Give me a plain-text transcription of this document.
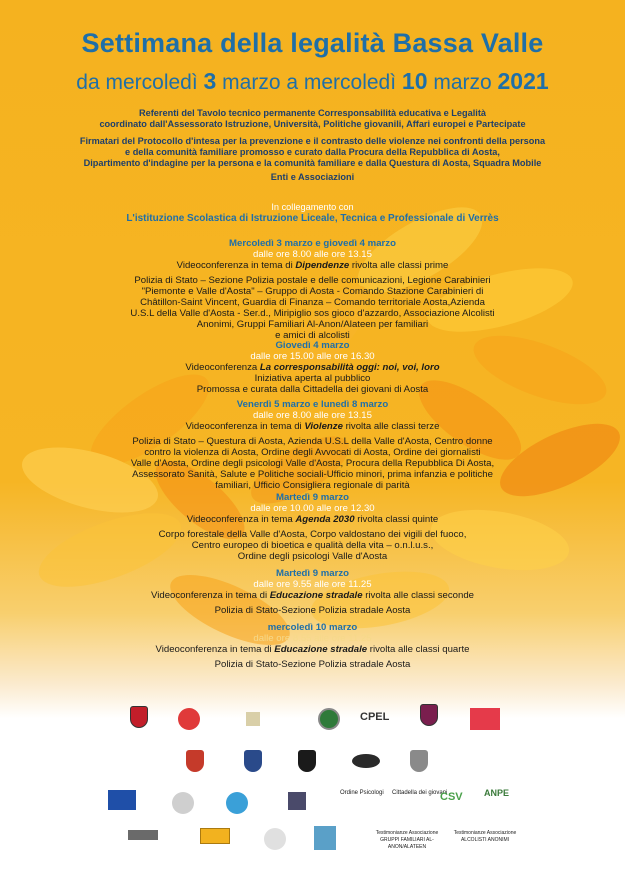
Settimana della legalità Bassa Valle
da mercoledì 3 marzo a mercoledì 10 marzo 2021
Referenti del Tavolo tecnico permanente Corresponsabilità educativa e Legalità
coordinato dall'Assessorato Istruzione, Università, Politiche giovanili, Affari europei e Partecipate
Firmatari del Protocollo d'intesa per la prevenzione e il contrasto delle violenze nei confronti della persona
e della comunità familiare promosso e curato dalla Procura della Repubblica di Aosta,
Dipartimento d'indagine per la persona e la comunità familiare e dalla Questura di Aosta, Squadra Mobile
Enti e Associazioni
In collegamento con
L'istituzione Scolastica di Istruzione Liceale, Tecnica e Professionale di Verrès
Mercoledì 3 marzo e giovedì 4 marzo
dalle ore 8.00 alle ore 13.15
Videoconferenza in tema di Dipendenze rivolta alle classi prime
Polizia di Stato – Sezione Polizia postale e delle comunicazioni, Legione Carabinieri
"Piemonte e Valle d'Aosta" – Gruppo di Aosta - Comando Stazione Carabinieri di
Châtillon-Saint Vincent, Guardia di Finanza – Comando territoriale Aosta,Azienda
U.S.L della Valle d'Aosta - Ser.d., Miripiglio sos gioco d'azzardo, Associazione Alcolisti
Anonimi, Gruppi Familiari Al-Anon/Alateen per familiari
e amici di alcolisti
Giovedì 4 marzo
dalle ore 15.00 alle ore 16.30
Videoconferenza La corresponsabilità oggi: noi, voi, loro
Iniziativa aperta al pubblico
Promossa e curata dalla Cittadella dei giovani di Aosta
Venerdì 5 marzo e lunedì 8 marzo
dalle ore 8.00 alle ore 13.15
Videoconferenza in tema di Violenze rivolta alle classi terze
Polizia di Stato – Questura di Aosta, Azienda U.S.L della Valle d'Aosta, Centro donne
contro la violenza di Aosta, Ordine degli Avvocati di Aosta, Ordine dei giornalisti
Valle d'Aosta, Ordine degli psicologi Valle d'Aosta, Procura della Repubblica Di Aosta,
Assessorato Sanità, Salute e Politiche sociali-Ufficio minori, prima infanzia e politiche
familiari, Ufficio Consigliera regionale di parità
Martedì 9 marzo
dalle ore 10.00 alle ore 12.30
Videoconferenza in tema Agenda 2030 rivolta classi quinte
Corpo forestale della Valle d'Aosta, Corpo valdostano dei vigili del fuoco,
Centro europeo di bioetica e qualità della vita – o.n.l.u.s.,
Ordine degli psicologi Valle d'Aosta
Martedì 9 marzo
dalle ore 9.55 alle ore 11.25
Videoconferenza in tema di Educazione stradale rivolta alle classi seconde
Polizia di Stato-Sezione Polizia stradale Aosta
mercoledì 10 marzo
dalle ore 8.55 alle ore 11.25
Videoconferenza in tema di Educazione stradale rivolta alle classi quarte
Polizia di Stato-Sezione Polizia stradale Aosta
CPEL
Ordine Psicologi Cittadella dei giovani
CSV ANPE
Testimonianze Associazione GRUPPI FAMILIARI AL-ANON/ALATEEN
Testimonianze Associazione ALCOLISTI ANONIMI
